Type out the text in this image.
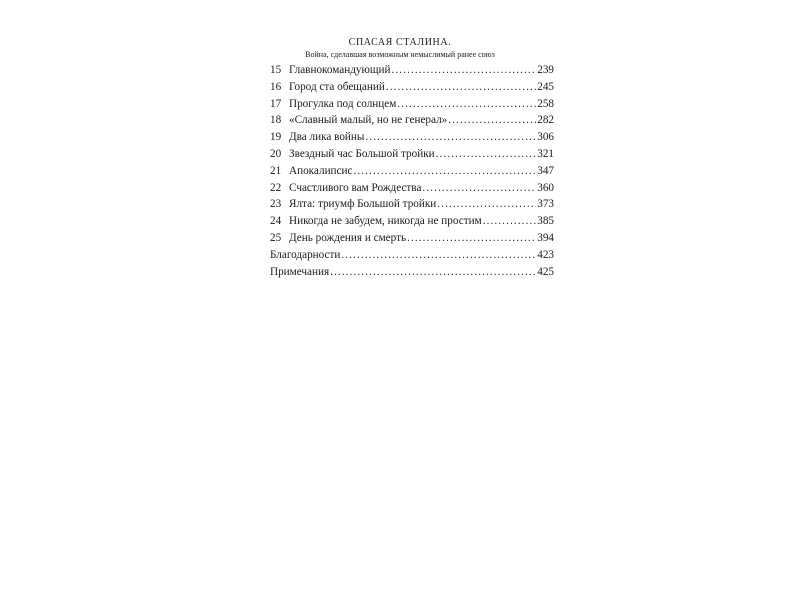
СПАСАЯ СТАЛИНА.
Война, сделавшая возможным немыслимый ранее союз
15 Главнокомандующий .....	239
16 Город ста обещаний .....	245
17 Прогулка под солнцем .....	258
18 «Славный малый, но не генерал» .....	282
19 Два лика войны .....	306
20 Звездный час Большой тройки .....	321
21 Апокалипсис .....	347
22 Счастливого вам Рождества .....	360
23 Ялта: триумф Большой тройки .....	373
24 Никогда не забудем, никогда не простим .....	385
25 День рождения и смерть .....	394
Благодарности .....	423
Примечания .....	425
